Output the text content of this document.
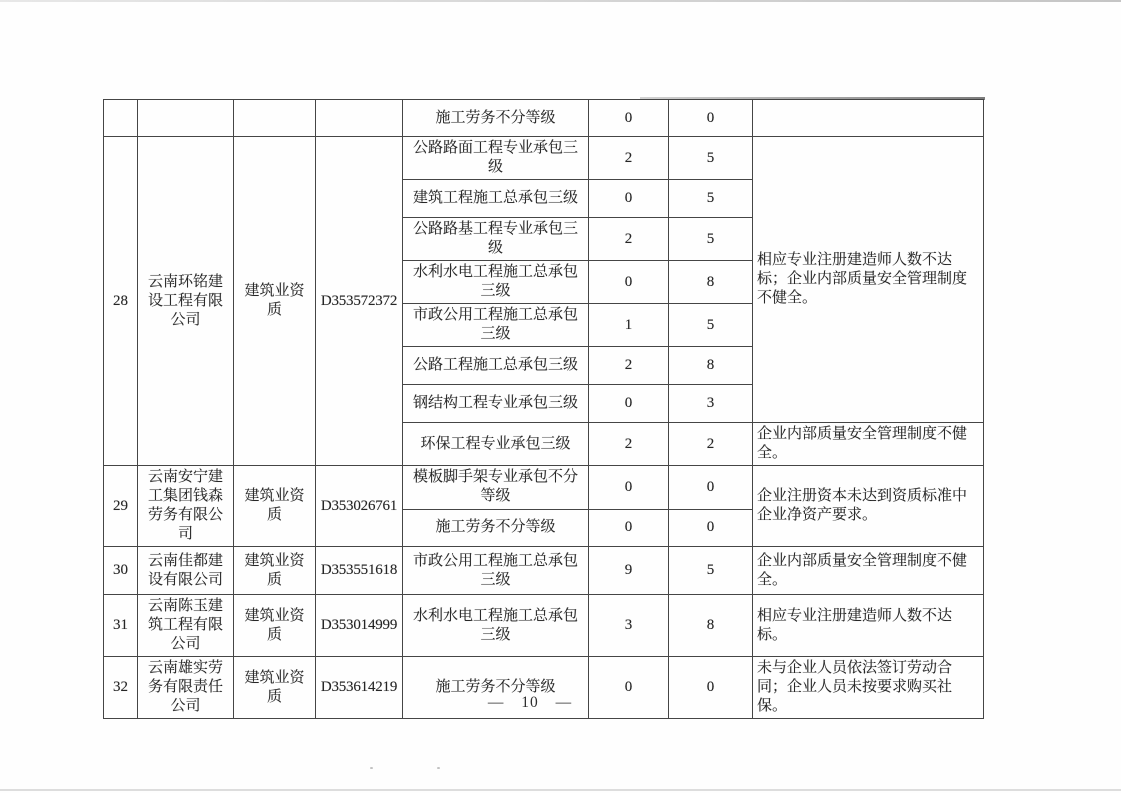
				施工劳务不分等级	0	0	
28	云南环铭建设工程有限公司	建筑业资质	D353572372	公路路面工程专业承包三级	2	5	相应专业注册建造师人数不达标；企业内部质量安全管理制度不健全。
				建筑工程施工总承包三级	0	5	
				公路路基工程专业承包三级	2	5	
				水利水电工程施工总承包三级	0	8	
				市政公用工程施工总承包三级	1	5	
				公路工程施工总承包三级	2	8	
				钢结构工程专业承包三级	0	3	
				环保工程专业承包三级	2	2	企业内部质量安全管理制度不健全。
29	云南安宁建工集团钱森劳务有限公司	建筑业资质	D353026761	模板脚手架专业承包不分等级	0	0	企业注册资本未达到资质标准中企业净资产要求。
				施工劳务不分等级	0	0	
30	云南佳都建设有限公司	建筑业资质	D353551618	市政公用工程施工总承包三级	9	5	企业内部质量安全管理制度不健全。
31	云南陈玉建筑工程有限公司	建筑业资质	D353014999	水利水电工程施工总承包三级	3	8	相应专业注册建造师人数不达标。
32	云南雄实劳务有限责任公司	建筑业资质	D353614219	施工劳务不分等级	0	0	未与企业人员依法签订劳动合同；企业人员未按要求购买社保。
— 10 —
